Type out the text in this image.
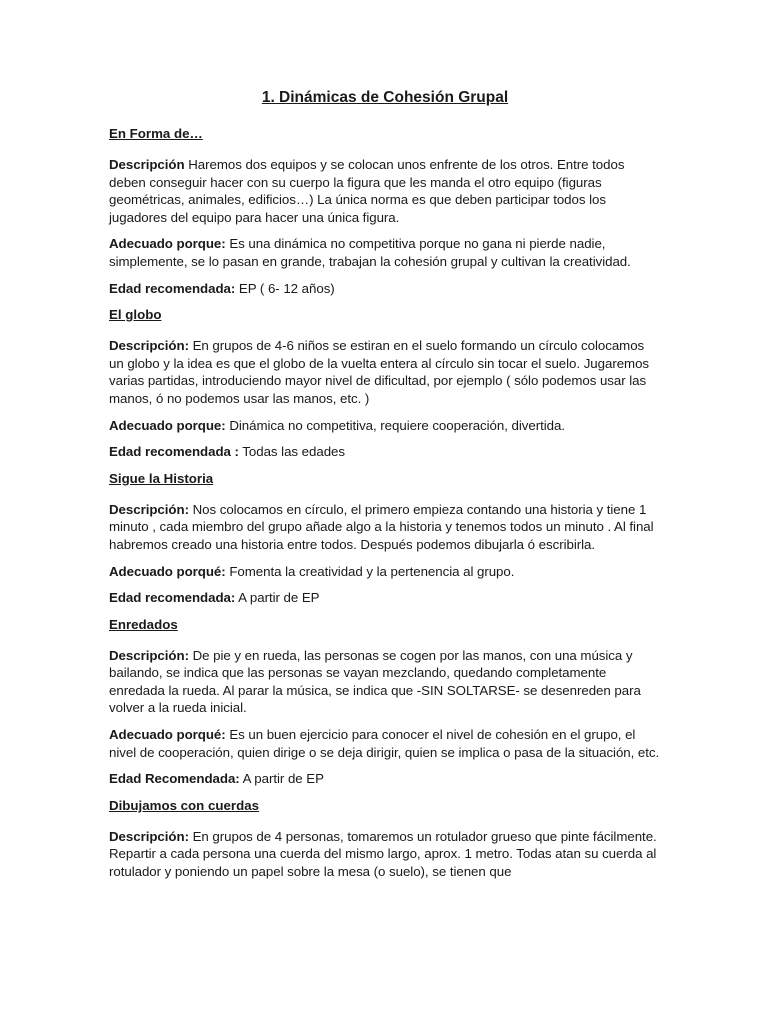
1. Dinámicas de Cohesión Grupal
En Forma de…
Descripción Haremos dos equipos y se colocan unos enfrente de los otros. Entre todos deben conseguir hacer con su cuerpo la figura que les manda el otro equipo (figuras geométricas, animales, edificios…) La única norma es que deben participar todos los jugadores del equipo para hacer una única figura.
Adecuado porque: Es una dinámica no competitiva porque no gana ni pierde nadie, simplemente, se lo pasan en grande, trabajan la cohesión grupal y cultivan la creatividad.
Edad recomendada: EP ( 6- 12 años)
El globo
Descripción: En grupos de 4-6 niños se estiran en el suelo formando un círculo colocamos un globo y la idea es que el globo de la vuelta entera al círculo sin tocar el suelo. Jugaremos varias partidas, introduciendo mayor nivel de dificultad, por ejemplo ( sólo podemos usar las manos, ó no podemos usar las manos, etc. )
Adecuado porque: Dinámica no competitiva, requiere cooperación, divertida.
Edad recomendada : Todas las edades
Sigue la Historia
Descripción: Nos colocamos en círculo, el primero empieza contando una historia y tiene 1 minuto , cada miembro del grupo añade algo a la historia y tenemos todos un minuto . Al final habremos creado una historia entre todos. Después podemos dibujarla ó escribirla.
Adecuado porqué: Fomenta la creatividad y la pertenencia al grupo.
Edad recomendada: A partir de EP
Enredados
Descripción: De pie y en rueda, las personas se cogen por las manos, con una música y bailando, se indica que las personas se vayan mezclando, quedando completamente enredada la rueda. Al parar la música, se indica que -SIN SOLTARSE- se desenreden para volver a la rueda inicial.
Adecuado porqué: Es un buen ejercicio para conocer el nivel de cohesión en el grupo, el nivel de cooperación, quien dirige o se deja dirigir, quien se implica o pasa de la situación, etc.
Edad Recomendada: A partir de EP
Dibujamos con cuerdas
Descripción: En grupos de 4 personas, tomaremos un rotulador grueso que pinte fácilmente. Repartir a cada persona una cuerda del mismo largo, aprox. 1 metro. Todas atan su cuerda al rotulador y poniendo un papel sobre la mesa (o suelo), se tienen que
